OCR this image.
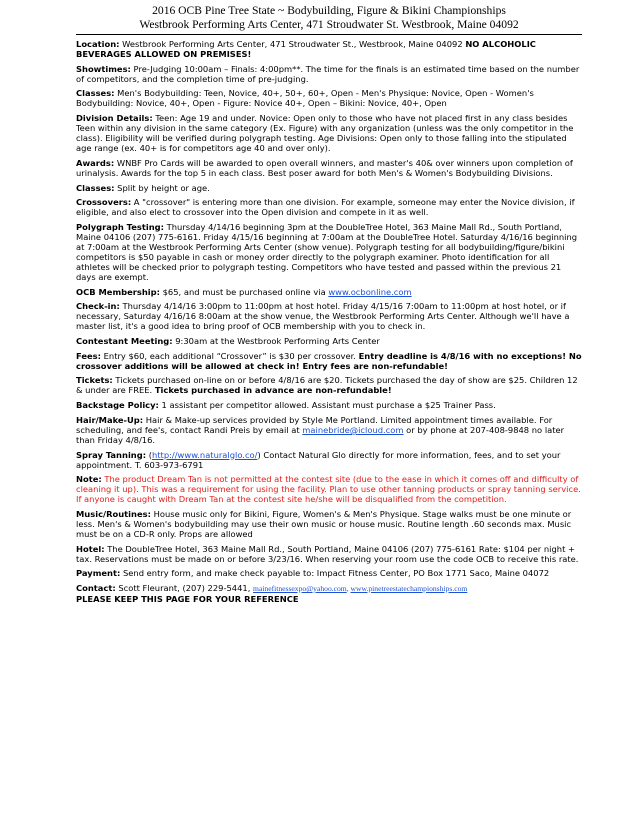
2016 OCB Pine Tree State ~ Bodybuilding, Figure & Bikini Championships
Westbrook Performing Arts Center, 471 Stroudwater St. Westbrook, Maine 04092

Location: Westbrook Performing Arts Center, 471 Stroudwater St., Westbrook, Maine 04092 NO ALCOHOLIC BEVERAGES ALLOWED ON PREMISES!

Showtimes: Pre-Judging 10:00am – Finals: 4:00pm**. The time for the finals is an estimated time based on the number of competitors, and the completion time of pre-judging.

Classes: Men's Bodybuilding: Teen, Novice, 40+, 50+, 60+, Open - Men's Physique: Novice, Open - Women's Bodybuilding: Novice, 40+, Open - Figure: Novice 40+, Open – Bikini: Novice, 40+, Open

Division Details: Teen: Age 19 and under. Novice: Open only to those who have not placed first in any class besides Teen within any division in the same category (Ex. Figure) with any organization (unless was the only competitor in the class). Eligibility will be verified during polygraph testing. Age Divisions: Open only to those falling into the stipulated age range (ex. 40+ is for competitors age 40 and over only).

Awards: WNBF Pro Cards will be awarded to open overall winners, and master's 40& over winners upon completion of urinalysis. Awards for the top 5 in each class. Best poser award for both Men's & Women's Bodybuilding Divisions.

Classes: Split by height or age.

Crossovers: A "crossover" is entering more than one division. For example, someone may enter the Novice division, if eligible, and also elect to crossover into the Open division and compete in it as well.

Polygraph Testing: Thursday 4/14/16 beginning 3pm at the DoubleTree Hotel, 363 Maine Mall Rd., South Portland, Maine 04106 (207) 775-6161. Friday 4/15/16 beginning at 7:00am at the DoubleTree Hotel. Saturday 4/16/16 beginning at 7:00am at the Westbrook Performing Arts Center (show venue). Polygraph testing for all bodybuilding/figure/bikini competitors is $50 payable in cash or money order directly to the polygraph examiner. Photo identification for all athletes will be checked prior to polygraph testing. Competitors who have tested and passed within the previous 21 days are exempt.

OCB Membership: $65, and must be purchased online via www.ocbonline.com

Check-in: Thursday 4/14/16 3:00pm to 11:00pm at host hotel. Friday 4/15/16 7:00am to 11:00pm at host hotel, or if necessary, Saturday 4/16/16 8:00am at the show venue, the Westbrook Performing Arts Center. Although we'll have a master list, it's a good idea to bring proof of OCB membership with you to check in.

Contestant Meeting: 9:30am at the Westbrook Performing Arts Center

Fees: Entry $60, each additional “Crossover” is $30 per crossover. Entry deadline is 4/8/16 with no exceptions! No crossover additions will be allowed at check in! Entry fees are non-refundable!

Tickets: Tickets purchased on-line on or before 4/8/16 are $20. Tickets purchased the day of show are $25. Children 12 & under are FREE. Tickets purchased in advance are non-refundable!

Backstage Policy: 1 assistant per competitor allowed. Assistant must purchase a $25 Trainer Pass.

Hair/Make-Up: Hair & Make-up services provided by Style Me Portland. Limited appointment times available. For scheduling, and fee's, contact Randi Preis by email at mainebride@icloud.com or by phone at 207-408-9848 no later than Friday 4/8/16.

Spray Tanning: (http://www.naturalglo.co/) Contact Natural Glo directly for more information, fees, and to set your appointment. T. 603-973-6791

Note: The product Dream Tan is not permitted at the contest site (due to the ease in which it comes off and difficulty of cleaning it up). This was a requirement for using the facility. Plan to use other tanning products or spray tanning service. If anyone is caught with Dream Tan at the contest site he/she will be disqualified from the competition.

Music/Routines: House music only for Bikini, Figure, Women's & Men's Physique. Stage walks must be one minute or less. Men's & Women's bodybuilding may use their own music or house music. Routine length .60 seconds max. Music must be on a CD-R only. Props are allowed

Hotel: The DoubleTree Hotel, 363 Maine Mall Rd., South Portland, Maine 04106 (207) 775-6161 Rate: $104 per night + tax. Reservations must be made on or before 3/23/16. When reserving your room use the code OCB to receive this rate.

Payment: Send entry form, and make check payable to: Impact Fitness Center, PO Box 1771 Saco, Maine 04072

Contact: Scott Fleurant, (207) 229-5441, mainefitnessexpo@yahoo.com, www.pinetreestatechampionships.com

PLEASE KEEP THIS PAGE FOR YOUR REFERENCE
